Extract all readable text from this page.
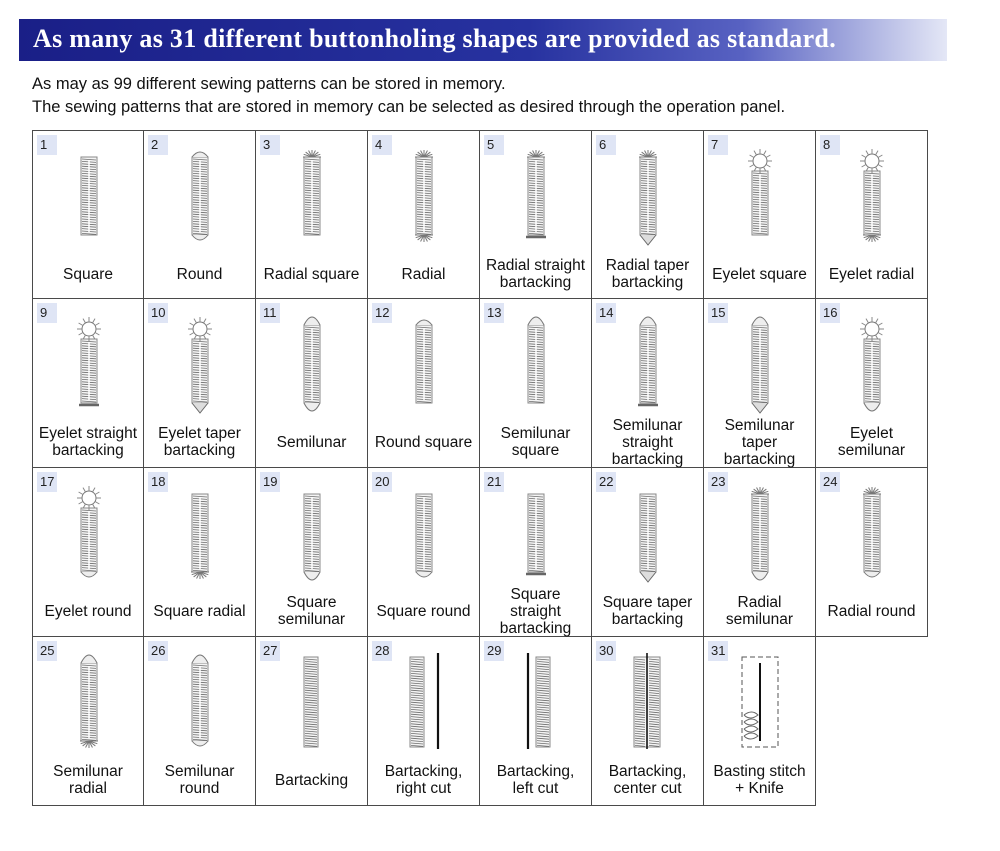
As many as 31 different buttonholing shapes are provided as standard.
As may as 99 different sewing patterns can be stored in memory.
The sewing patterns that are stored in memory can be selected as desired through the operation panel.
1
Square
2
Round
3
Radial square
4
Radial
5
Radial straight
bartacking
6
Radial taper
bartacking
7
Eyelet square
8
Eyelet radial
9
Eyelet straight
bartacking
10
Eyelet taper
bartacking
11
Semilunar
12
Round square
13
Semilunar
square
14
Semilunar
straight
bartacking
15
Semilunar
taper
bartacking
16
Eyelet
semilunar
17
Eyelet round
18
Square radial
19
Square
semilunar
20
Square round
21
Square
straight
bartacking
22
Square taper
bartacking
23
Radial
semilunar
24
Radial round
25
Semilunar
radial
26
Semilunar
round
27
Bartacking
28
Bartacking,
right cut
29
Bartacking,
left cut
30
Bartacking,
center cut
31
Basting stitch
+ Knife
